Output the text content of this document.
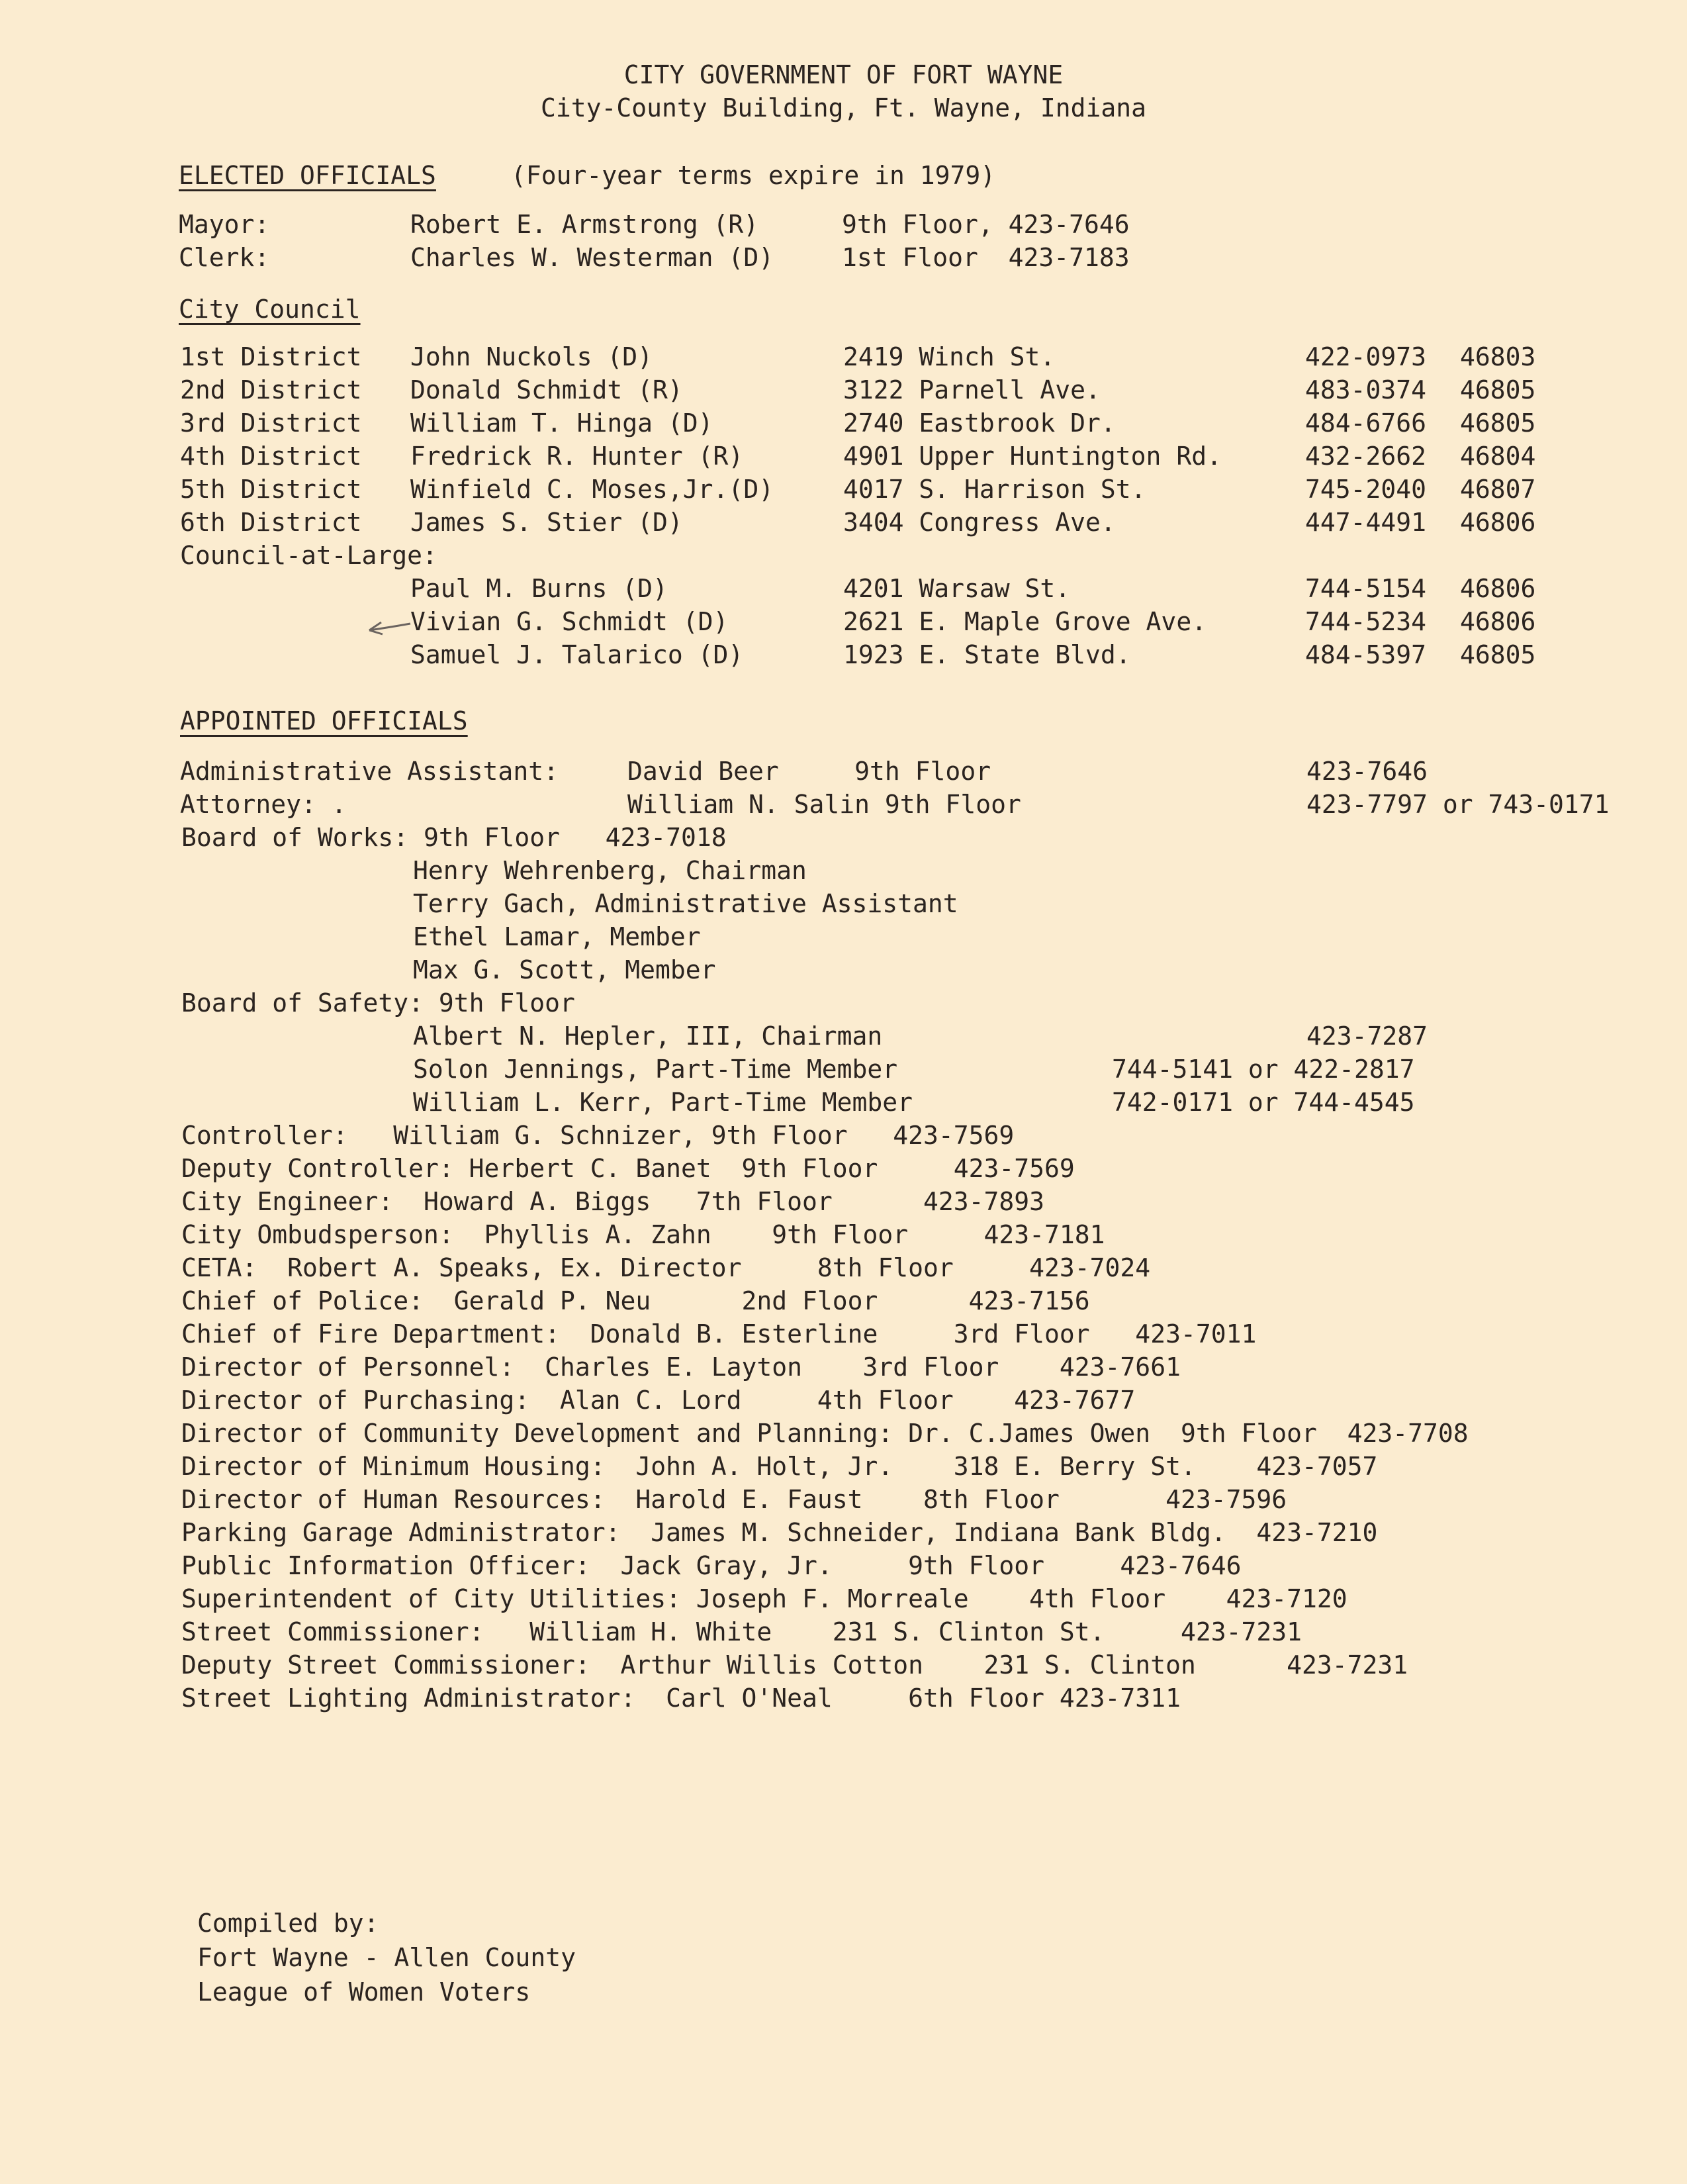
CITY GOVERNMENT OF FORT WAYNE
City-County Building, Ft. Wayne, Indiana
ELECTED OFFICIALS	(Four-year terms expire in 1979)
Mayor:	Robert E. Armstrong (R)	9th Floor, 423-7646
Clerk:	Charles W. Westerman (D)	1st Floor  423-7183
City Council
1st District John Nuckols (D)	2419 Winch St.	422-0973 46803
2nd District Donald Schmidt (R)	3122 Parnell Ave.	483-0374 46805
3rd District William T. Hinga (D)	2740 Eastbrook Dr.	484-6766 46805
4th District Fredrick R. Hunter (R)	4901 Upper Huntington Rd.	432-2662 46804
5th District Winfield C. Moses,Jr.(D)	4017 S. Harrison St.	745-2040 46807
6th District James S. Stier (D)	3404 Congress Ave.	447-4491 46806
Council-at-Large:
Paul M. Burns (D)	4201 Warsaw St.	744-5154 46806
Vivian G. Schmidt (D)	2621 E. Maple Grove Ave.	744-5234 46806
Samuel J. Talarico (D)	1923 E. State Blvd.	484-5397 46805
APPOINTED OFFICIALS
Administrative Assistant:	David Beer     9th Floor	423-7646
Attorney: .	William N. Salin 9th Floor	423-7797 or 743-0171
Board of Works: 9th Floor   423-7018
Henry Wehrenberg, Chairman
Terry Gach, Administrative Assistant
Ethel Lamar, Member
Max G. Scott, Member
Board of Safety: 9th Floor
Albert N. Hepler, III, Chairman	423-7287
Solon Jennings, Part-Time Member	744-5141 or 422-2817
William L. Kerr, Part-Time Member	742-0171 or 744-4545
Controller:   William G. Schnizer, 9th Floor   423-7569
Deputy Controller: Herbert C. Banet  9th Floor     423-7569
City Engineer:  Howard A. Biggs   7th Floor      423-7893
City Ombudsperson:  Phyllis A. Zahn    9th Floor     423-7181
CETA:  Robert A. Speaks, Ex. Director     8th Floor     423-7024
Chief of Police:  Gerald P. Neu      2nd Floor      423-7156
Chief of Fire Department:  Donald B. Esterline     3rd Floor   423-7011
Director of Personnel:  Charles E. Layton    3rd Floor    423-7661
Director of Purchasing:  Alan C. Lord     4th Floor    423-7677
Director of Community Development and Planning: Dr. C.James Owen  9th Floor  423-7708
Director of Minimum Housing:  John A. Holt, Jr.    318 E. Berry St.    423-7057
Director of Human Resources:  Harold E. Faust    8th Floor       423-7596
Parking Garage Administrator:  James M. Schneider, Indiana Bank Bldg.  423-7210
Public Information Officer:  Jack Gray, Jr.     9th Floor     423-7646
Superintendent of City Utilities: Joseph F. Morreale    4th Floor    423-7120
Street Commissioner:   William H. White    231 S. Clinton St.     423-7231
Deputy Street Commissioner:  Arthur Willis Cotton    231 S. Clinton      423-7231
Street Lighting Administrator:  Carl O'Neal     6th Floor 423-7311
Compiled by:
Fort Wayne - Allen County
League of Women Voters
